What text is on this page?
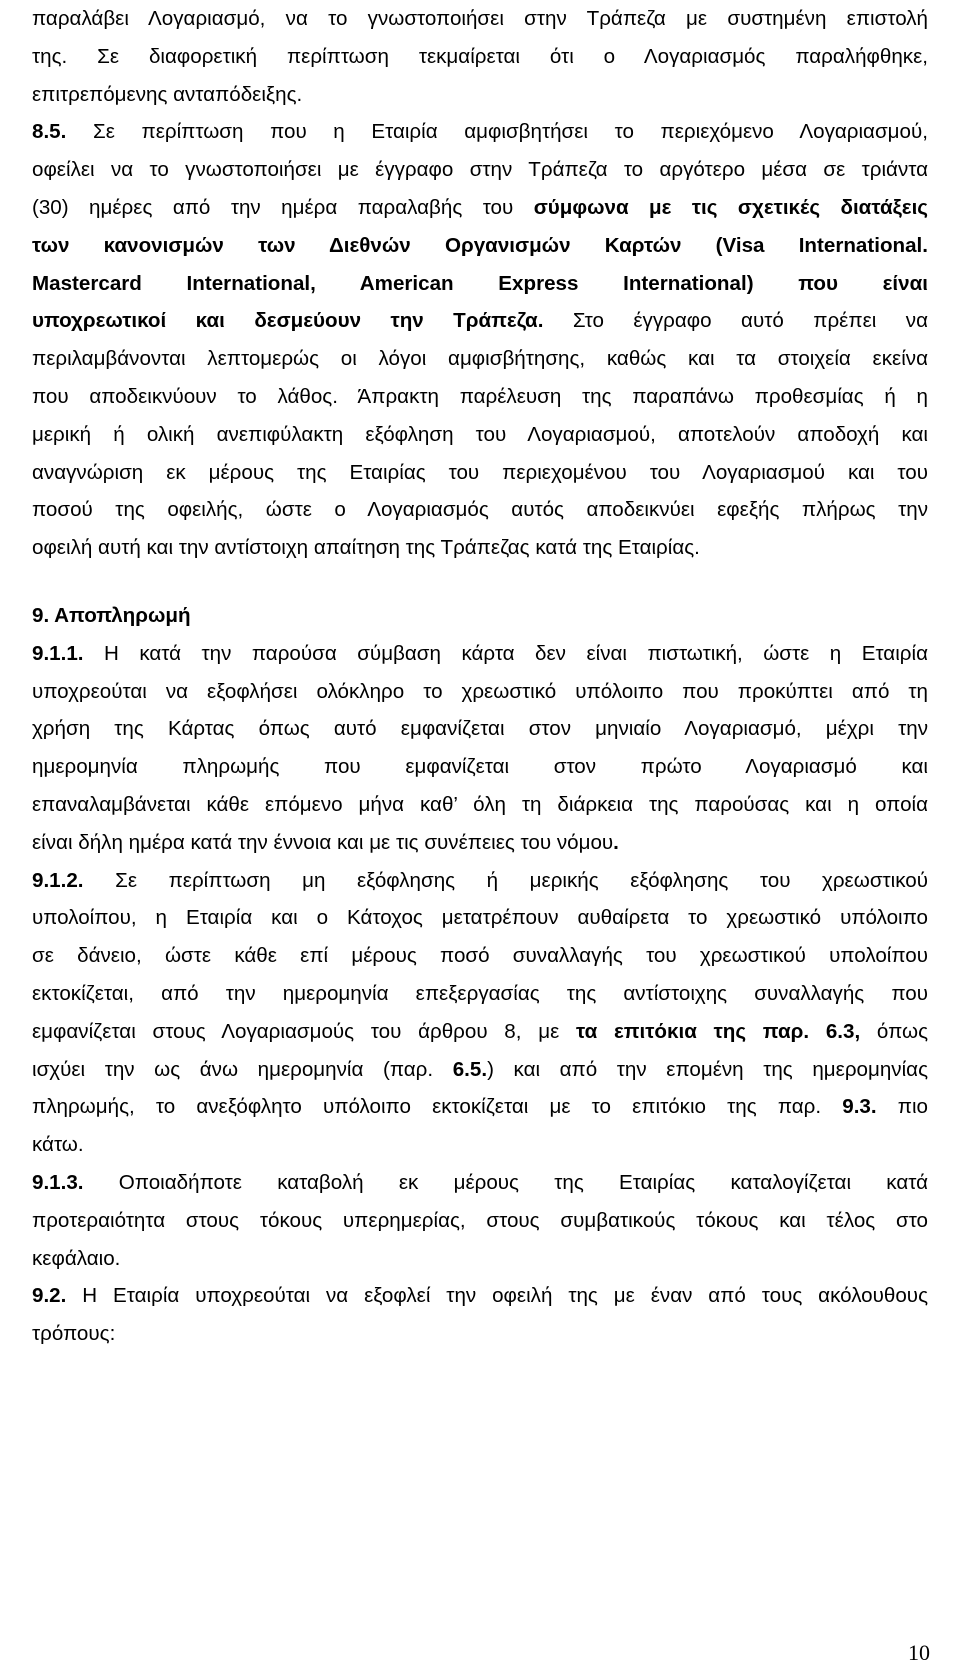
παραλάβει Λογαριασμό, να το γνωστοποιήσει στην Τράπεζα με συστημένη επιστολή
της. Σε διαφορετική περίπτωση τεκμαίρεται ότι ο Λογαριασμός παραλήφθηκε,
επιτρεπόμενης ανταπόδειξης.
8.5. Σε περίπτωση που η Εταιρία αμφισβητήσει το περιεχόμενο Λογαριασμού,
οφείλει να το γνωστοποιήσει με έγγραφο στην Τράπεζα το αργότερο μέσα σε τριάντα
(30) ημέρες από την ημέρα παραλαβής του σύμφωνα με τις σχετικές διατάξεις
των κανονισμών των Διεθνών Οργανισμών Καρτών (Visa International.
Mastercard International, American Express International) που είναι
υποχρεωτικοί και δεσμεύουν την Τράπεζα. Στο έγγραφο αυτό πρέπει να
περιλαμβάνονται λεπτομερώς οι λόγοι αμφισβήτησης, καθώς και τα στοιχεία εκείνα
που αποδεικνύουν το λάθος. Άπρακτη παρέλευση της παραπάνω προθεσμίας ή η
μερική ή ολική ανεπιφύλακτη εξόφληση του Λογαριασμού, αποτελούν αποδοχή και
αναγνώριση εκ μέρους της Εταιρίας του περιεχομένου του Λογαριασμού και του
ποσού της οφειλής, ώστε ο Λογαριασμός αυτός αποδεικνύει εφεξής πλήρως την
οφειλή αυτή και την αντίστοιχη απαίτηση της Τράπεζας κατά της Εταιρίας.
9. Αποπληρωμή
9.1.1. Η κατά την παρούσα σύμβαση κάρτα δεν είναι πιστωτική, ώστε η Εταιρία
υποχρεούται να εξοφλήσει ολόκληρο το χρεωστικό υπόλοιπο που προκύπτει από τη
χρήση της Κάρτας όπως αυτό εμφανίζεται στον μηνιαίο Λογαριασμό, μέχρι την
ημερομηνία πληρωμής που εμφανίζεται στον πρώτο Λογαριασμό και
επαναλαμβάνεται κάθε επόμενο μήνα καθ’ όλη τη διάρκεια της παρούσας και η οποία
είναι δήλη ημέρα κατά την έννοια και με τις συνέπειες του νόμου.
9.1.2. Σε περίπτωση μη εξόφλησης ή μερικής εξόφλησης του χρεωστικού
υπολοίπου, η Εταιρία και ο Κάτοχος μετατρέπουν αυθαίρετα το χρεωστικό υπόλοιπο
σε δάνειο, ώστε κάθε επί μέρους ποσό συναλλαγής του χρεωστικού υπολοίπου
εκτοκίζεται, από την ημερομηνία επεξεργασίας της αντίστοιχης συναλλαγής που
εμφανίζεται στους Λογαριασμούς του άρθρου 8, με τα επιτόκια της παρ. 6.3, όπως
ισχύει την ως άνω ημερομηνία (παρ. 6.5.) και από την επομένη της ημερομηνίας
πληρωμής, το ανεξόφλητο υπόλοιπο εκτοκίζεται με το επιτόκιο της παρ. 9.3. πιο
κάτω.
9.1.3. Οποιαδήποτε καταβολή εκ μέρους της Εταιρίας καταλογίζεται κατά
προτεραιότητα στους τόκους υπερημερίας, στους συμβατικούς τόκους και τέλος στο
κεφάλαιο.
9.2. Η Εταιρία υποχρεούται να εξοφλεί την οφειλή της με έναν από τους ακόλουθους
τρόπους:
10
